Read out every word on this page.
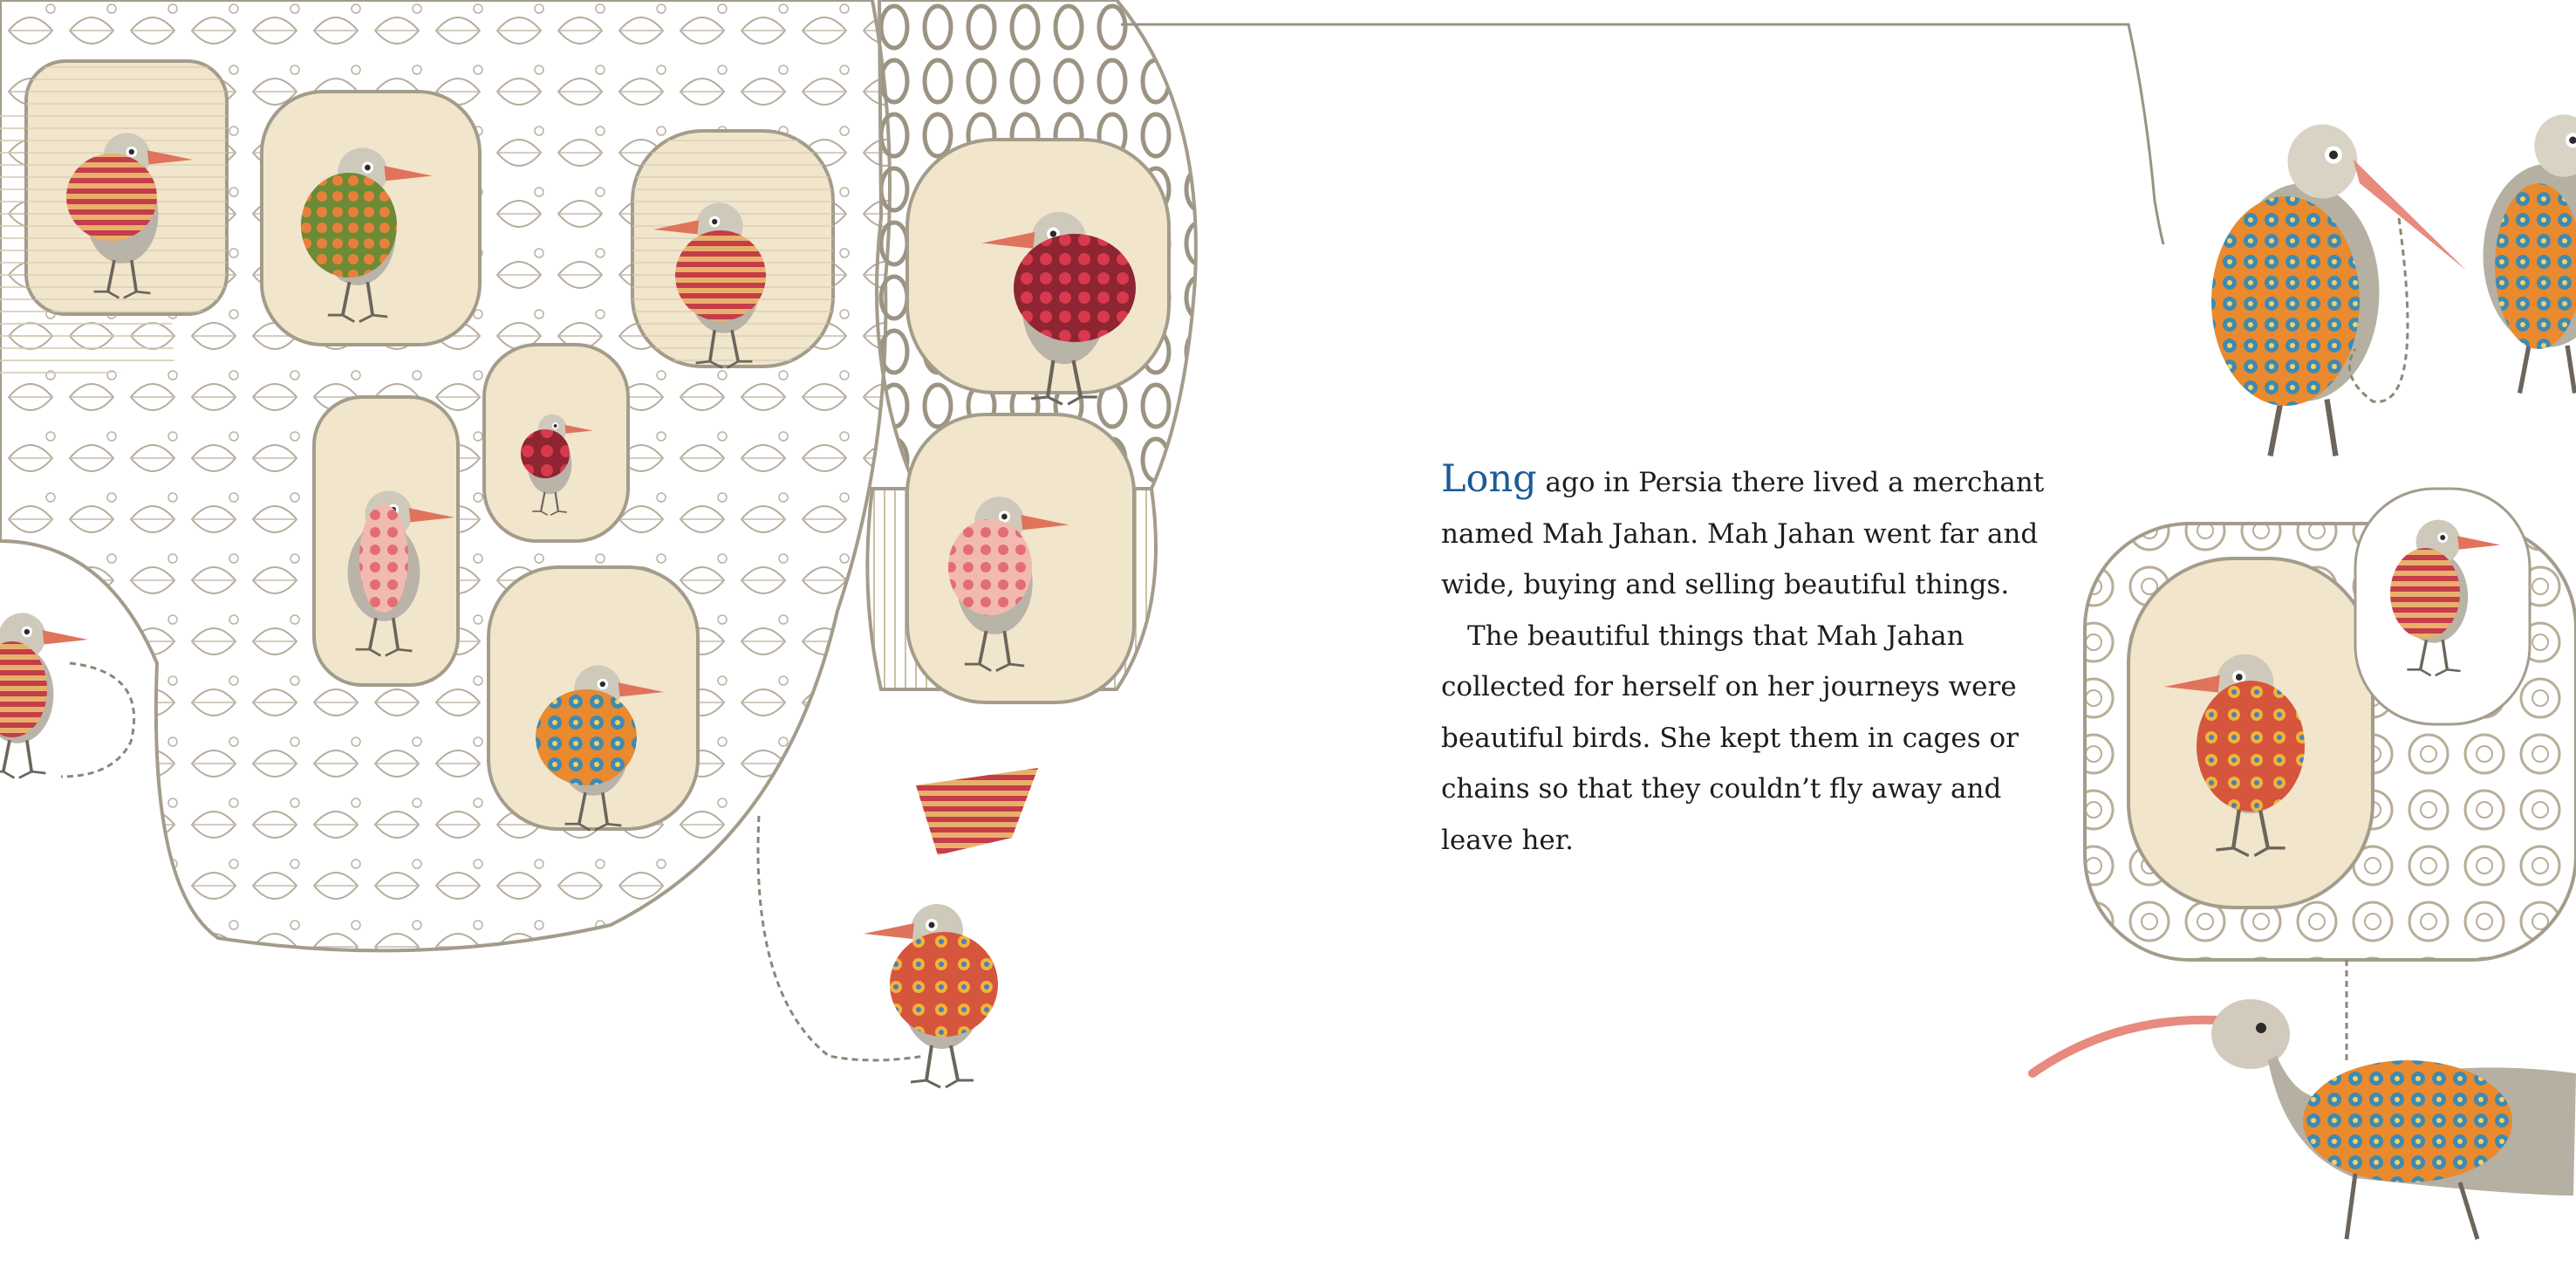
Long ago in Persia there lived a merchant named Mah Jahan. Mah Jahan went far and wide, buying and selling beautiful things.

The beautiful things that Mah Jahan collected for herself on her journeys were beautiful birds. She kept them in cages or chains so that they couldn’t fly away and leave her.
